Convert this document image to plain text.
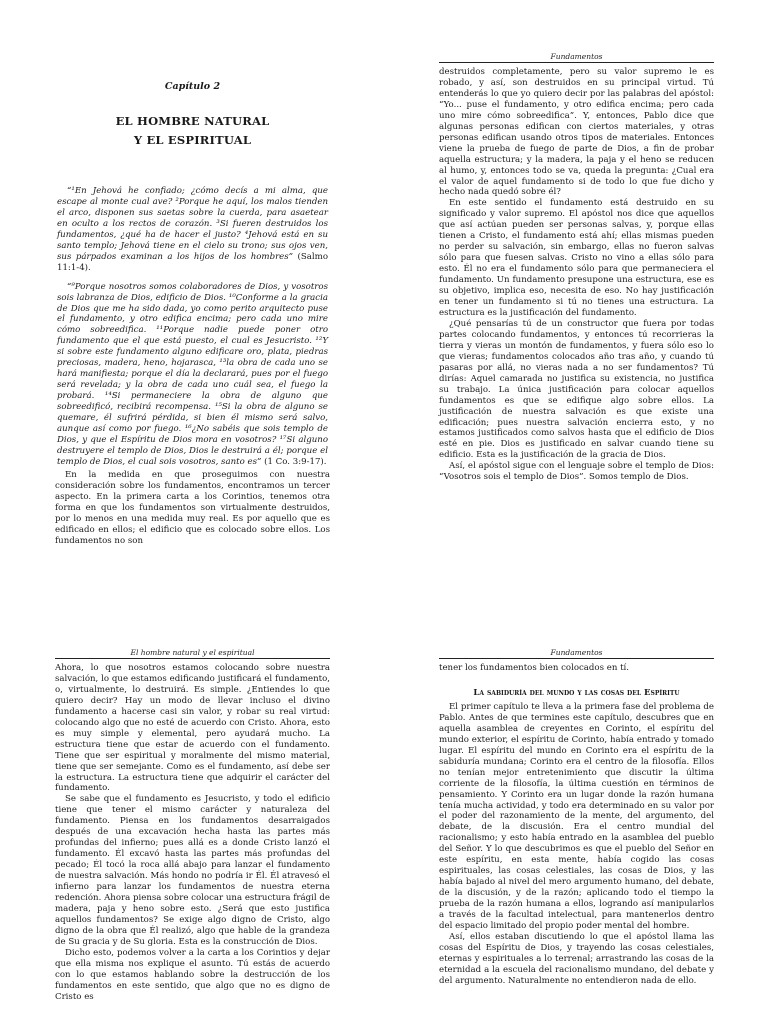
Capítulo 2
EL HOMBRE NATURAL
Y EL ESPIRITUAL

“¹En Jehová he confiado; ¿cómo decís a mi alma, que escape al monte cual ave? ²Porque he aquí, los malos tienden el arco, disponen sus saetas sobre la cuerda, para asaetear en oculto a los rectos de corazón. ³Si fueren destruidos los fundamentos, ¿qué ha de hacer el justo? ⁴Jehová está en su santo templo; Jehová tiene en el cielo su trono; sus ojos ven, sus párpados examinan a los hijos de los hombres” (Salmo 11:1-4).

“⁹Porque nosotros somos colaboradores de Dios, y vosotros sois labranza de Dios, edificio de Dios. ¹⁰Conforme a la gracia de Dios que me ha sido dada, yo como perito arquitecto puse el fundamento, y otro edifica encima; pero cada uno mire cómo sobreedifica. ¹¹Porque nadie puede poner otro fundamento que el que está puesto, el cual es Jesucristo. ¹²Y si sobre este fundamento alguno edificare oro, plata, piedras preciosas, madera, heno, hojarasca, ¹³la obra de cada uno se hará manifiesta; porque el día la declarará, pues por el fuego será revelada; y la obra de cada uno cuál sea, el fuego la probará. ¹⁴Si permaneciere la obra de alguno que sobreedificó, recibirá recompensa. ¹⁵Si la obra de alguno se quemare, él sufrirá pérdida, si bien él mismo será salvo, aunque así como por fuego. ¹⁶¿No sabéis que sois templo de Dios, y que el Espíritu de Dios mora en vosotros? ¹⁷Si alguno destruyere el templo de Dios, Dios le destruirá a él; porque el templo de Dios, el cual sois vosotros, santo es” (1 Co. 3:9-17).

En la medida en que proseguimos con nuestra consideración sobre los fundamentos, encontramos un tercer aspecto. En la primera carta a los Corintios, tenemos otra forma en que los fundamentos son virtualmente destruidos, por lo menos en una medida muy real. Es por aquello que es edificado en ellos; el edificio que es colocado sobre ellos. Los fundamentos no son

Fundamentos

destruidos completamente, pero su valor supremo le es robado, y así, son destruidos en su principal virtud. Tú entenderás lo que yo quiero decir por las palabras del apóstol: “Yo... puse el fundamento, y otro edifica encima; pero cada uno mire cómo sobreedifica”. Y, entonces, Pablo dice que algunas personas edifican con ciertos materiales, y otras personas edifican usando otros tipos de materiales. Entonces viene la prueba de fuego de parte de Dios, a fin de probar aquella estructura; y la madera, la paja y el heno se reducen al humo, y, entonces todo se va, queda la pregunta: ¿Cual era el valor de aquel fundamento si de todo lo que fue dicho y hecho nada quedó sobre él?

En este sentido el fundamento está destruido en su significado y valor supremo. El apóstol nos dice que aquellos que así actúan pueden ser personas salvas, y, porque ellas tienen a Cristo, el fundamento está ahí; ellas mismas pueden no perder su salvación, sin embargo, ellas no fueron salvas sólo para que fuesen salvas. Cristo no vino a ellas sólo para esto. Él no era el fundamento sólo para que permaneciera el fundamento. Un fundamento presupone una estructura, ese es su objetivo, implica eso, necesita de eso. No hay justificación en tener un fundamento si tú no tienes una estructura. La estructura es la justificación del fundamento.

¿Qué pensarías tú de un constructor que fuera por todas partes colocando fundamentos, y entonces tú recorrieras la tierra y vieras un montón de fundamentos, y fuera sólo eso lo que vieras; fundamentos colocados año tras año, y cuando tú pasaras por allá, no vieras nada a no ser fundamentos? Tú dirías: Aquel camarada no justifica su existencia, no justifica su trabajo. La única justificación para colocar aquellos fundamentos es que se edifique algo sobre ellos. La justificación de nuestra salvación es que existe una edificación; pues nuestra salvación encierra esto, y no estamos justificados como salvos hasta que el edificio de Dios esté en pie. Dios es justificado en salvar cuando tiene su edificio. Esta es la justificación de la gracia de Dios.

Así, el apóstol sigue con el lenguaje sobre el templo de Dios: “Vosotros sois el templo de Dios”. Somos templo de Dios.

El hombre natural y el espiritual

Ahora, lo que nosotros estamos colocando sobre nuestra salvación, lo que estamos edificando justificará el fundamento, o, virtualmente, lo destruirá. Es simple. ¿Entiendes lo que quiero decir? Hay un modo de llevar incluso el divino fundamento a hacerse casi sin valor, y robar su real virtud: colocando algo que no esté de acuerdo con Cristo. Ahora, esto es muy simple y elemental, pero ayudará mucho. La estructura tiene que estar de acuerdo con el fundamento. Tiene que ser espiritual y moralmente del mismo material, tiene que ser semejante. Como es el fundamento, así debe ser la estructura. La estructura tiene que adquirir el carácter del fundamento.

Se sabe que el fundamento es Jesucristo, y todo el edificio tiene que tener el mismo carácter y naturaleza del fundamento. Piensa en los fundamentos desarraigados después de una excavación hecha hasta las partes más profundas del infierno; pues allá es a donde Cristo lanzó el fundamento. Él excavó hasta las partes más profundas del pecado; Él tocó la roca allá abajo para lanzar el fundamento de nuestra salvación. Más hondo no podría ir Él. Él atravesó el infierno para lanzar los fundamentos de nuestra eterna redención. Ahora piensa sobre colocar una estructura frágil de madera, paja y heno sobre esto. ¿Será que esto justifica aquellos fundamentos? Se exige algo digno de Cristo, algo digno de la obra que Él realizó, algo que hable de la grandeza de Su gracia y de Su gloria. Esta es la construcción de Dios.

Dicho esto, podemos volver a la carta a los Corintios y dejar que ella misma nos explique el asunto. Tú estás de acuerdo con lo que estamos hablando sobre la destrucción de los fundamentos en este sentido, que algo que no es digno de Cristo es

Fundamentos

tener los fundamentos bien colocados en tí.

La sabiduría del mundo y las cosas del Espíritu

El primer capítulo te lleva a la primera fase del problema de Pablo. Antes de que termines este capítulo, descubres que en aquella asamblea de creyentes en Corinto, el espíritu del mundo exterior, el espíritu de Corinto, había entrado y tomado lugar. El espíritu del mundo en Corinto era el espíritu de la sabiduría mundana; Corinto era el centro de la filosofía. Ellos no tenían mejor entretenimiento que discutir la última corriente de la filosofía, la última cuestión en términos de pensamiento. Y Corinto era un lugar donde la razón humana tenía mucha actividad, y todo era determinado en su valor por el poder del razonamiento de la mente, del argumento, del debate, de la discusión. Era el centro mundial del racionalismo; y esto había entrado en la asamblea del pueblo del Señor. Y lo que descubrimos es que el pueblo del Señor en este espíritu, en esta mente, había cogido las cosas espirituales, las cosas celestiales, las cosas de Dios, y las había bajado al nivel del mero argumento humano, del debate, de la discusión, y de la razón; aplicando todo el tiempo la prueba de la razón humana a ellos, logrando así manipularlos a través de la facultad intelectual, para mantenerlos dentro del espacio limitado del propio poder mental del hombre.

Así, ellos estaban discutiendo lo que el apóstol llama las cosas del Espíritu de Dios, y trayendo las cosas celestiales, eternas y espirituales a lo terrenal; arrastrando las cosas de la eternidad a la escuela del racionalismo mundano, del debate y del argumento. Naturalmente no entendieron nada de ello.
